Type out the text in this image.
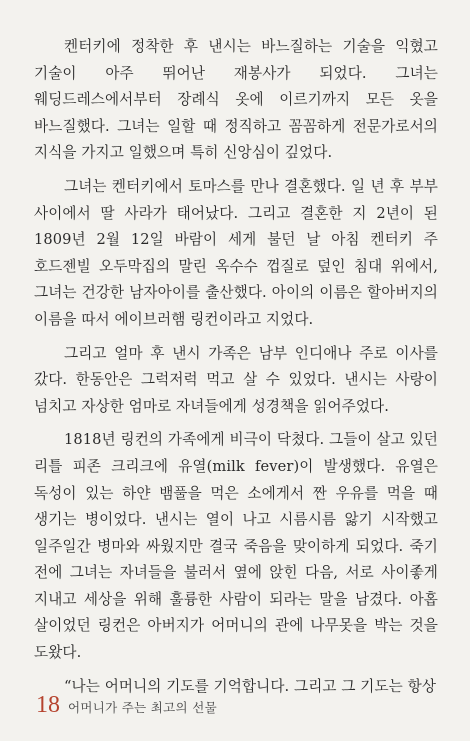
켄터키에 정착한 후 낸시는 바느질하는 기술을 익혔고 기술이 아주 뛰어난 재봉사가 되었다. 그녀는 웨딩드레스에서부터 장례식 옷에 이르기까지 모든 옷을 바느질했다. 그녀는 일할 때 정직하고 꼼꼼하게 전문가로서의 지식을 가지고 일했으며 특히 신앙심이 깊었다.

그녀는 켄터키에서 토마스를 만나 결혼했다. 일 년 후 부부 사이에서 딸 사라가 태어났다. 그리고 결혼한 지 2년이 된 1809년 2월 12일 바람이 세게 불던 날 아침 켄터키 주 호드젠빌 오두막집의 말린 옥수수 껍질로 덮인 침대 위에서, 그녀는 건강한 남자아이를 출산했다. 아이의 이름은 할아버지의 이름을 따서 에이브러햄 링컨이라고 지었다.

그리고 얼마 후 낸시 가족은 남부 인디애나 주로 이사를 갔다. 한동안은 그럭저럭 먹고 살 수 있었다. 낸시는 사랑이 넘치고 자상한 엄마로 자녀들에게 성경책을 읽어주었다.

1818년 링컨의 가족에게 비극이 닥쳤다. 그들이 살고 있던 리틀 피존 크리크에 유열(milk fever)이 발생했다. 유열은 독성이 있는 하얀 뱀풀을 먹은 소에게서 짠 우유를 먹을 때 생기는 병이었다. 낸시는 열이 나고 시름시름 앓기 시작했고 일주일간 병마와 싸웠지만 결국 죽음을 맞이하게 되었다. 죽기 전에 그녀는 자녀들을 불러서 옆에 앉힌 다음, 서로 사이좋게 지내고 세상을 위해 훌륭한 사람이 되라는 말을 남겼다. 아홉 살이었던 링컨은 아버지가 어머니의 관에 나무못을 박는 것을 도왔다.

“나는 어머니의 기도를 기억합니다. 그리고 그 기도는 항상

18 어머니가 주는 최고의 선물
